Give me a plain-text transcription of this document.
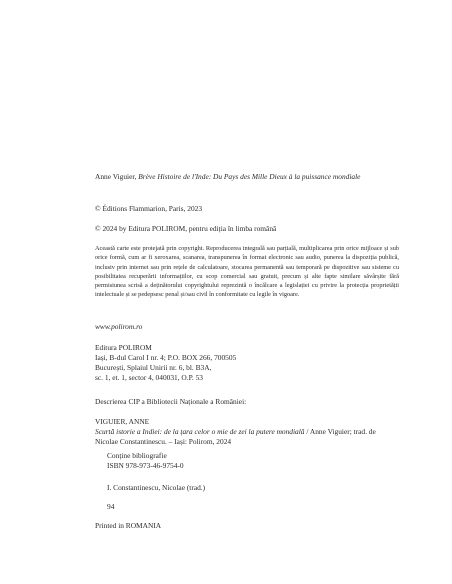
Anne Viguier, Brève Histoire de l'Inde: Du Pays des Mille Dieux à la puissance mondiale

© Éditions Flammarion, Paris, 2023

© 2024 by Editura POLIROM, pentru ediția în limba română

Această carte este protejată prin copyright. Reproducerea integrală sau parțială, multiplicarea prin orice mijloace și sub orice formă, cum ar fi xeroxarea, scanarea, transpunerea în format electronic sau audio, punerea la dispoziția publică, inclusiv prin internet sau prin rețele de calculatoare, stocarea permanentă sau temporară pe dispozitive sau sisteme cu posibilitatea recuperării informațiilor, cu scop comercial sau gratuit, precum și alte fapte similare săvârșite fără permisiunea scrisă a deținătorului copyrightului reprezintă o încălcare a legislației cu privire la protecția proprietății intelectuale și se pedepsesc penal și/sau civil în conformitate cu legile în vigoare.

www.polirom.ro

Editura POLIROM
Iași, B-dul Carol I nr. 4; P.O. BOX 266, 700505
București, Splaiul Unirii nr. 6, bl. B3A,
sc. 1, et. 1, sector 4, 040031, O.P. 53

Descrierea CIP a Bibliotecii Naționale a României:

VIGUIER, ANNE

Scurtă istorie a Indiei: de la țara celor o mie de zei la putere mondială / Anne Viguier; trad. de Nicolae Constantinescu. – Iași: Polirom, 2024

Conține bibliografie
ISBN 978-973-46-9754-0

I. Constantinescu, Nicolae (trad.)

94

Printed in ROMANIA
